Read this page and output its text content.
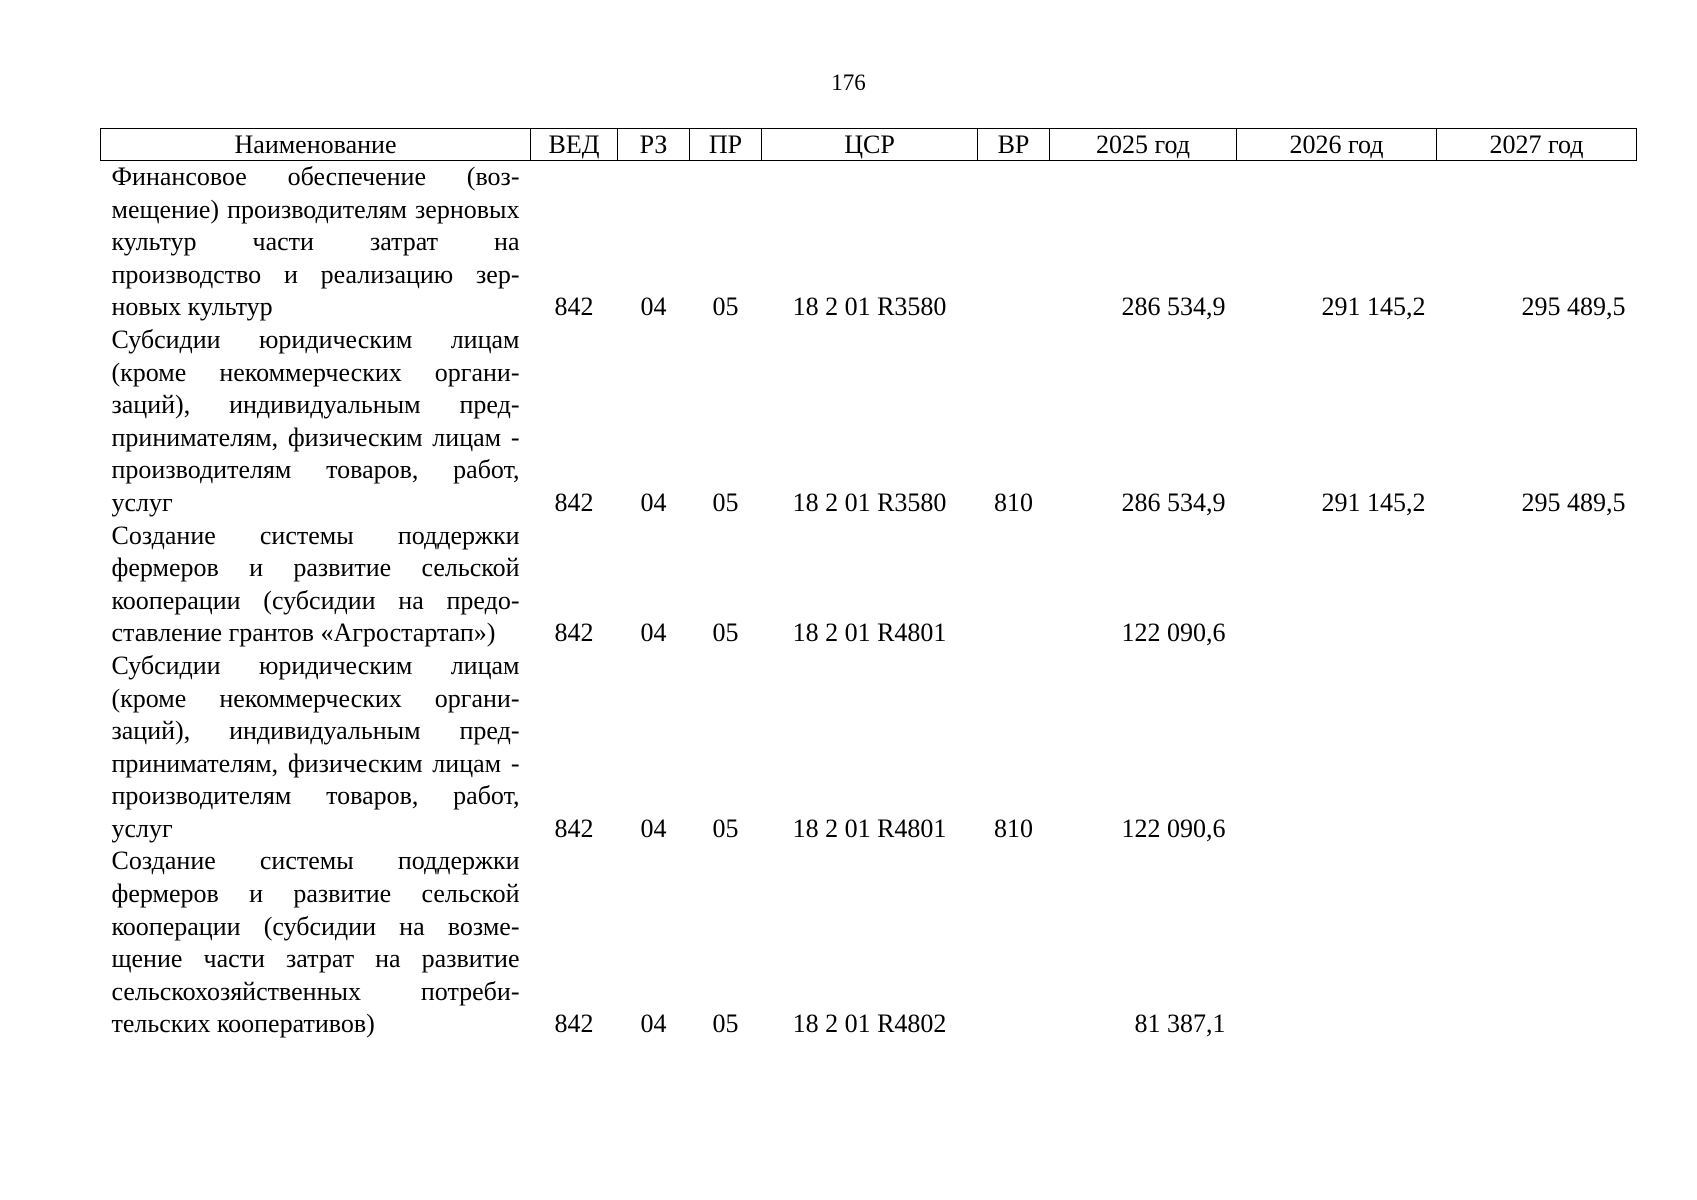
176
Наименование	ВЕД	РЗ	ПР	ЦСР	ВР	2025 год	2026 год	2027 год
Финансовое обеспечение (возмещение) производителям зерновых культур части затрат на производство и реализацию зерновых культур	842	04	05	18 2 01 R3580		286 534,9	291 145,2	295 489,5
Субсидии юридическим лицам (кроме некоммерческих организаций), индивидуальным предпринимателям, физическим лицам - производителям товаров, работ, услуг	842	04	05	18 2 01 R3580	810	286 534,9	291 145,2	295 489,5
Создание системы поддержки фермеров и развитие сельской кооперации (субсидии на предоставление грантов «Агростартап»)	842	04	05	18 2 01 R4801		122 090,6		
Субсидии юридическим лицам (кроме некоммерческих организаций), индивидуальным предпринимателям, физическим лицам - производителям товаров, работ, услуг	842	04	05	18 2 01 R4801	810	122 090,6		
Создание системы поддержки фермеров и развитие сельской кооперации (субсидии на возмещение части затрат на развитие сельскохозяйственных потребительских кооперативов)	842	04	05	18 2 01 R4802		81 387,1		
